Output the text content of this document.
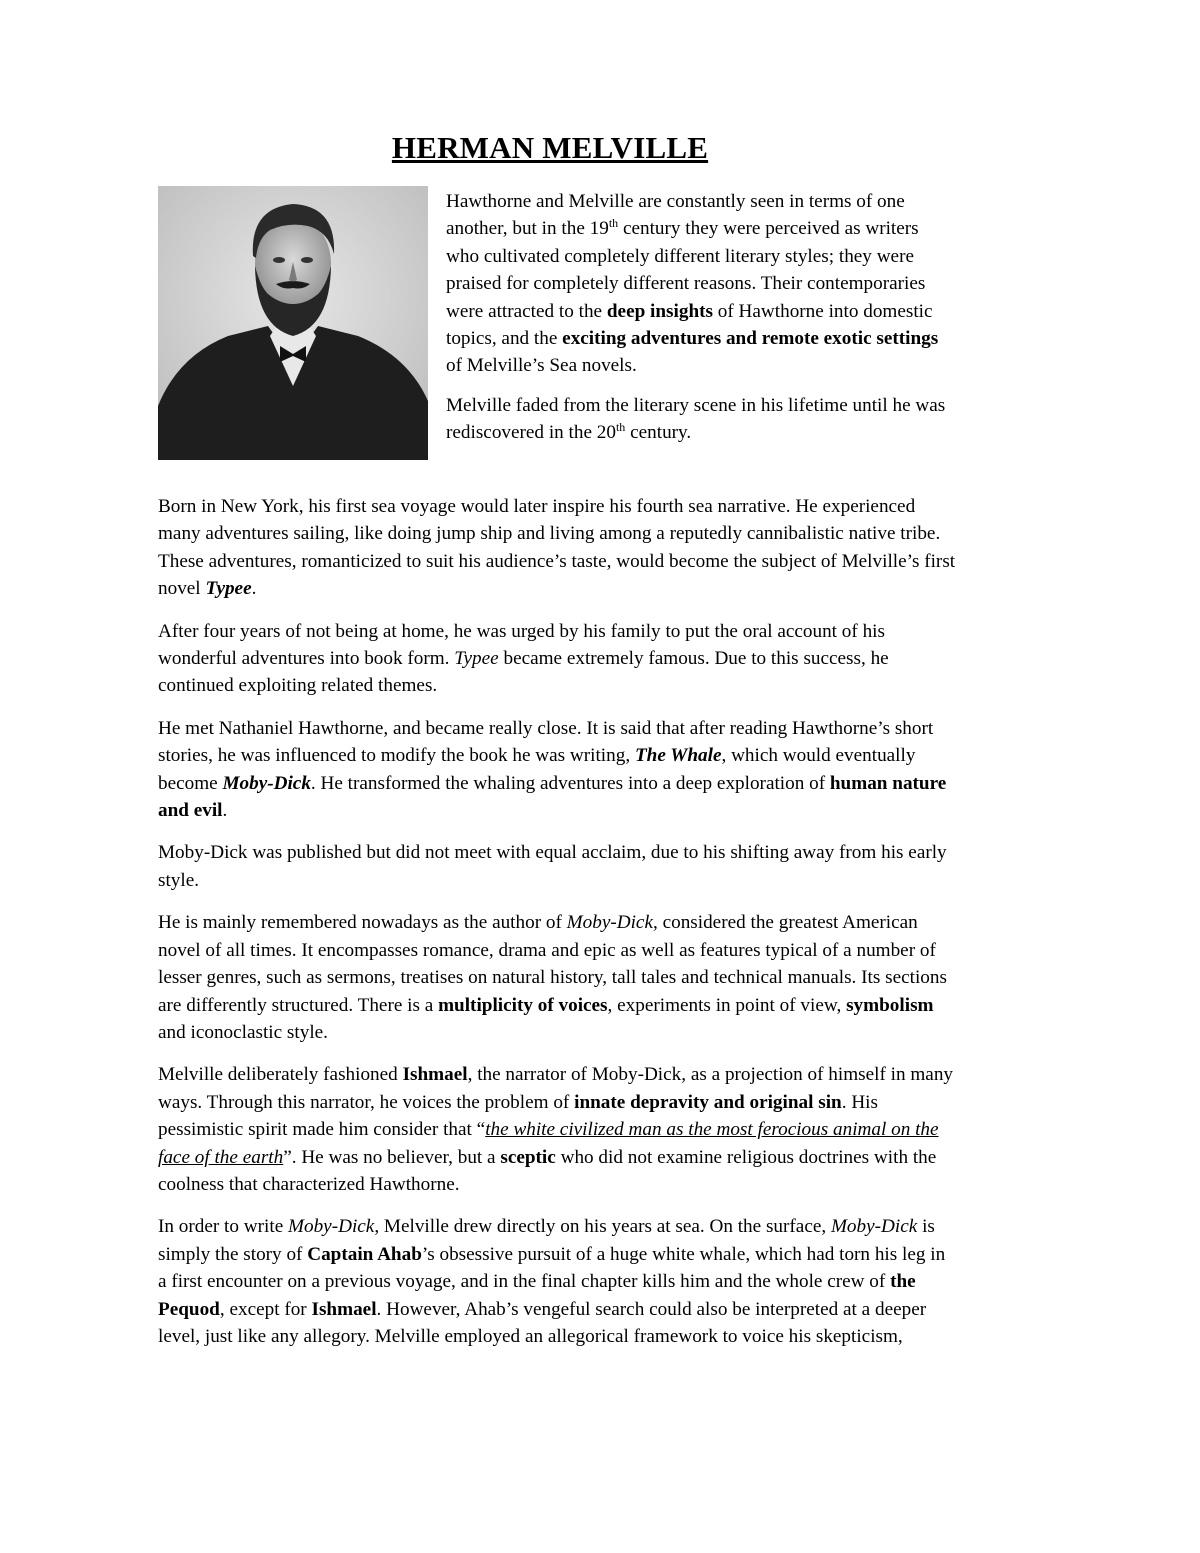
HERMAN MELVILLE

Hawthorne and Melville are constantly seen in terms of one another, but in the 19th century they were perceived as writers who cultivated completely different literary styles; they were praised for completely different reasons. Their contemporaries were attracted to the deep insights of Hawthorne into domestic topics, and the exciting adventures and remote exotic settings of Melville’s Sea novels.

Melville faded from the literary scene in his lifetime until he was rediscovered in the 20th century.

Born in New York, his first sea voyage would later inspire his fourth sea narrative. He experienced many adventures sailing, like doing jump ship and living among a reputedly cannibalistic native tribe. These adventures, romanticized to suit his audience’s taste, would become the subject of Melville’s first novel Typee.

After four years of not being at home, he was urged by his family to put the oral account of his wonderful adventures into book form. Typee became extremely famous. Due to this success, he continued exploiting related themes.

He met Nathaniel Hawthorne, and became really close. It is said that after reading Hawthorne’s short stories, he was influenced to modify the book he was writing, The Whale, which would eventually become Moby-Dick. He transformed the whaling adventures into a deep exploration of human nature and evil.

Moby-Dick was published but did not meet with equal acclaim, due to his shifting away from his early style.

He is mainly remembered nowadays as the author of Moby-Dick, considered the greatest American novel of all times. It encompasses romance, drama and epic as well as features typical of a number of lesser genres, such as sermons, treatises on natural history, tall tales and technical manuals. Its sections are differently structured. There is a multiplicity of voices, experiments in point of view, symbolism and iconoclastic style.

Melville deliberately fashioned Ishmael, the narrator of Moby-Dick, as a projection of himself in many ways. Through this narrator, he voices the problem of innate depravity and original sin. His pessimistic spirit made him consider that “the white civilized man as the most ferocious animal on the face of the earth”. He was no believer, but a sceptic who did not examine religious doctrines with the coolness that characterized Hawthorne.

In order to write Moby-Dick, Melville drew directly on his years at sea. On the surface, Moby-Dick is simply the story of Captain Ahab’s obsessive pursuit of a huge white whale, which had torn his leg in a first encounter on a previous voyage, and in the final chapter kills him and the whole crew of the Pequod, except for Ishmael. However, Ahab’s vengeful search could also be interpreted at a deeper level, just like any allegory. Melville employed an allegorical framework to voice his skepticism,
